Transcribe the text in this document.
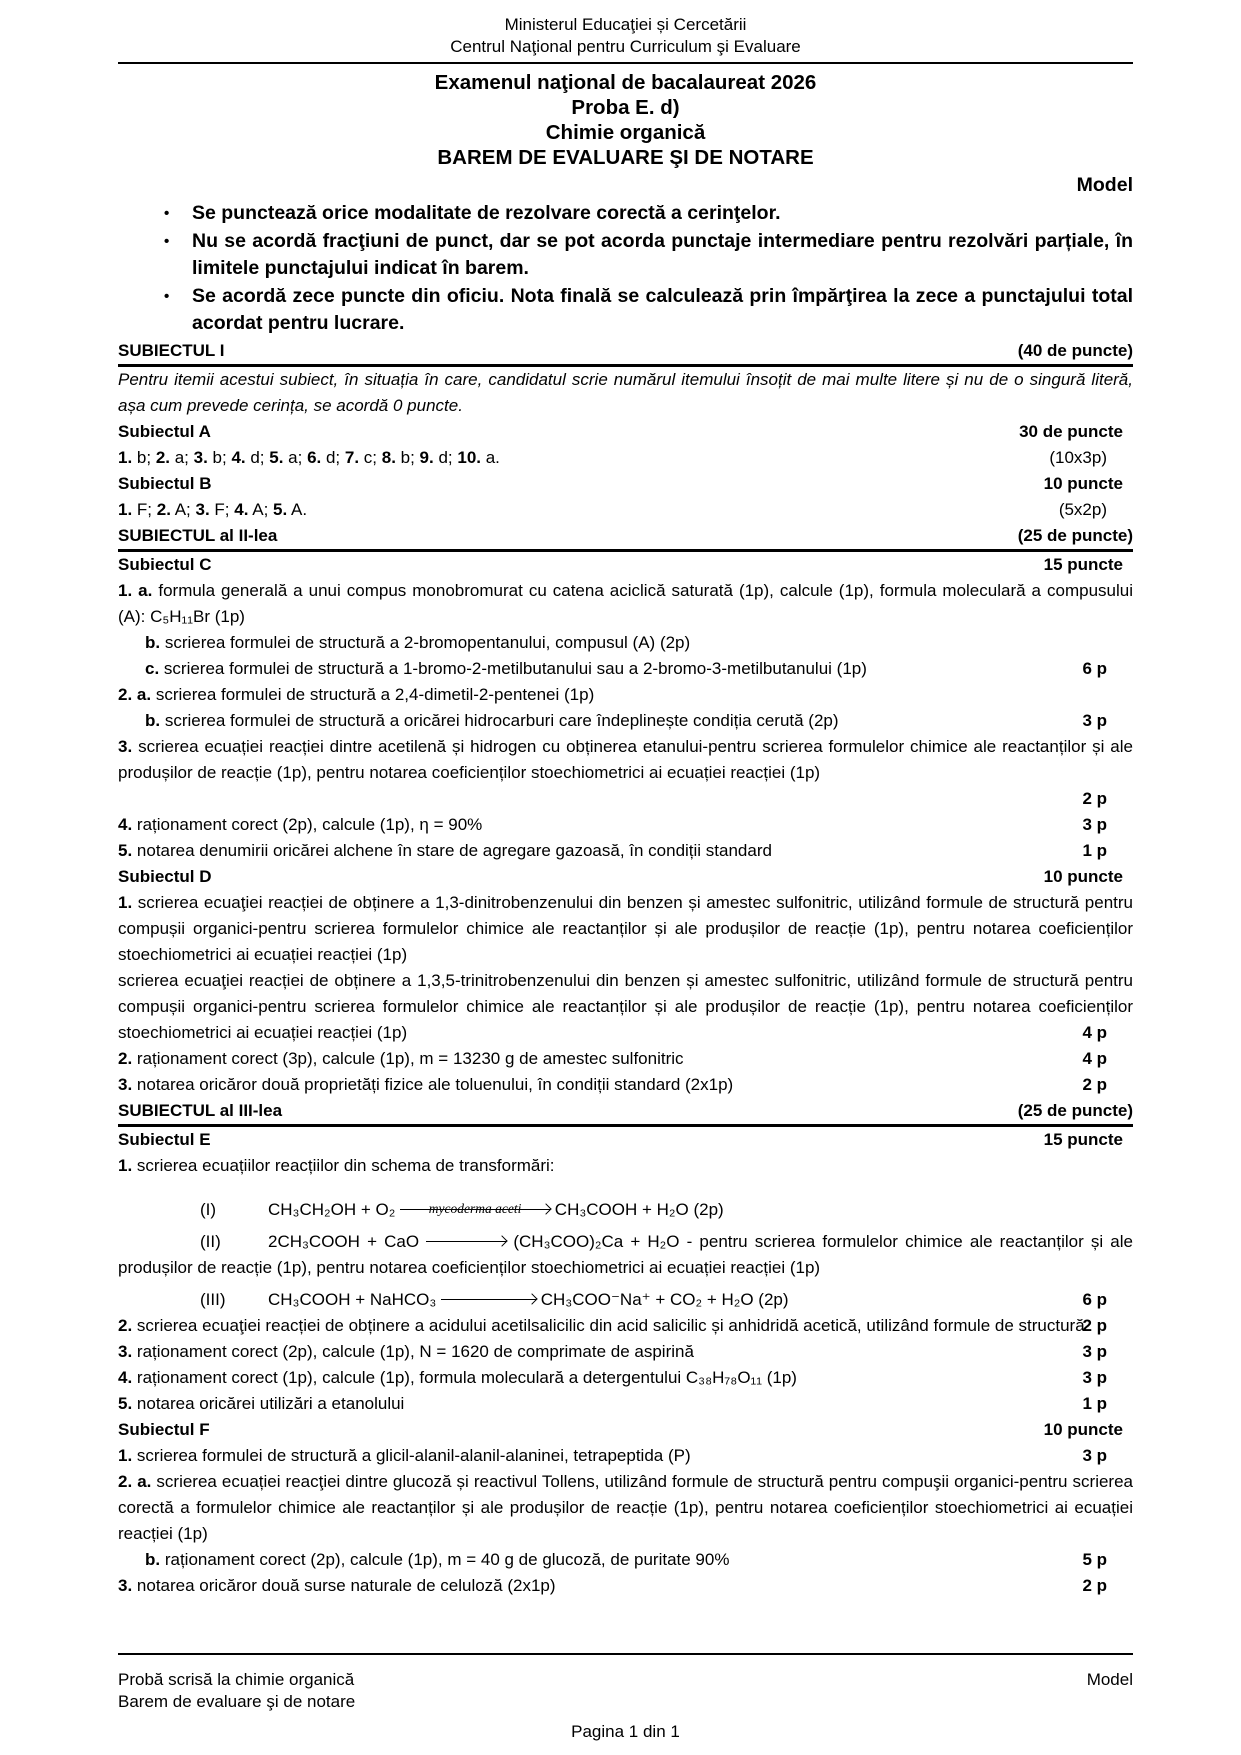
Ministerul Educaţiei și Cercetării
Centrul Naţional pentru Curriculum şi Evaluare
Examenul naţional de bacalaureat 2026
Proba E. d)
Chimie organică
BAREM DE EVALUARE ŞI DE NOTARE
Model
• Se punctează orice modalitate de rezolvare corectă a cerinţelor.
• Nu se acordă fracţiuni de punct, dar se pot acorda punctaje intermediare pentru rezolvări parțiale, în limitele punctajului indicat în barem.
• Se acordă zece puncte din oficiu. Nota finală se calculează prin împărţirea la zece a punctajului total acordat pentru lucrare.
SUBIECTUL I	(40 de puncte)
Pentru itemii acestui subiect, în situația în care, candidatul scrie numărul itemului însoțit de mai multe litere și nu de o singură literă, așa cum prevede cerința, se acordă 0 puncte.
Subiectul A	30 de puncte
1. b; 2. a; 3. b; 4. d; 5. a; 6. d; 7. c; 8. b; 9. d; 10. a.	(10x3p)
Subiectul B	10 puncte
1. F; 2. A; 3. F; 4. A; 5. A.	(5x2p)
SUBIECTUL al II-lea	(25 de puncte)
Subiectul C	15 puncte
1. a. formula generală a unui compus monobromurat cu catena aciclică saturată (1p), calcule (1p), formula moleculară a compusului (A): C₅H₁₁Br (1p)
b. scrierea formulei de structură a 2-bromopentanului, compusul (A) (2p)
c. scrierea formulei de structură a 1-bromo-2-metilbutanului sau a 2-bromo-3-metilbutanului (1p)	6 p
2. a. scrierea formulei de structură a 2,4-dimetil-2-pentenei (1p)
b. scrierea formulei de structură a oricărei hidrocarburi care îndeplinește condiția cerută (2p)	3 p
3. scrierea ecuației reacției dintre acetilenă și hidrogen cu obținerea etanului-pentru scrierea formulelor chimice ale reactanților și ale produșilor de reacție (1p), pentru notarea coeficienților stoechiometrici ai ecuației reacției (1p)
2 p
4. raționament corect (2p), calcule (1p), η = 90%	3 p
5. notarea denumirii oricărei alchene în stare de agregare gazoasă, în condiții standard	1 p
Subiectul D	10 puncte
1. scrierea ecuaţiei reacției de obținere a 1,3-dinitrobenzenului din benzen și amestec sulfonitric, utilizând formule de structură pentru compușii organici-pentru scrierea formulelor chimice ale reactanților și ale produșilor de reacție (1p), pentru notarea coeficienților stoechiometrici ai ecuației reacției (1p)
scrierea ecuaţiei reacției de obținere a 1,3,5-trinitrobenzenului din benzen și amestec sulfonitric, utilizând formule de structură pentru compușii organici-pentru scrierea formulelor chimice ale reactanților și ale produșilor de reacție (1p), pentru notarea coeficienților stoechiometrici ai ecuației reacției (1p)	4 p
2. raționament corect (3p), calcule (1p), m = 13230 g de amestec sulfonitric	4 p
3. notarea oricăror două proprietăți fizice ale toluenului, în condiții standard (2x1p)	2 p
SUBIECTUL al III-lea	(25 de puncte)
Subiectul E	15 puncte
1. scrierea ecuațiilor reacțiilor din schema de transformări:
(I)	CH₃CH₂OH + O₂ mycoderma aceti CH₃COOH + H₂O (2p)
(II)	2CH₃COOH + CaO	(CH₃COO)₂Ca + H₂O - pentru scrierea formulelor chimice ale reactanților și ale produșilor de reacție (1p), pentru notarea coeficienților stoechiometrici ai ecuației reacției (1p)
(III)	CH₃COOH + NaHCO₃	CH₃COO⁻Na⁺ + CO₂ + H₂O (2p)	6 p
2. scrierea ecuaţiei reacției de obținere a acidului acetilsalicilic din acid salicilic și anhidridă acetică, utilizând formule de structură
2 p
3. raționament corect (2p), calcule (1p), N = 1620 de comprimate de aspirină	3 p
4. raționament corect (1p), calcule (1p), formula moleculară a detergentului C₃₈H₇₈O₁₁ (1p)	3 p
5. notarea oricărei utilizări a etanolului	1 p
Subiectul F	10 puncte
1. scrierea formulei de structură a glicil-alanil-alanil-alaninei, tetrapeptida (P)	3 p
2. a. scrierea ecuației reacţiei dintre glucoză și reactivul Tollens, utilizând formule de structură pentru compuşii organici-pentru scrierea corectă a formulelor chimice ale reactanților și ale produșilor de reacție (1p), pentru notarea coeficienților stoechiometrici ai ecuației reacției (1p)
b. raționament corect (2p), calcule (1p), m = 40 g de glucoză, de puritate 90%	5 p
3. notarea oricăror două surse naturale de celuloză (2x1p)	2 p
Probă scrisă la chimie organică
Barem de evaluare şi de notare
Model
Pagina 1 din 1
